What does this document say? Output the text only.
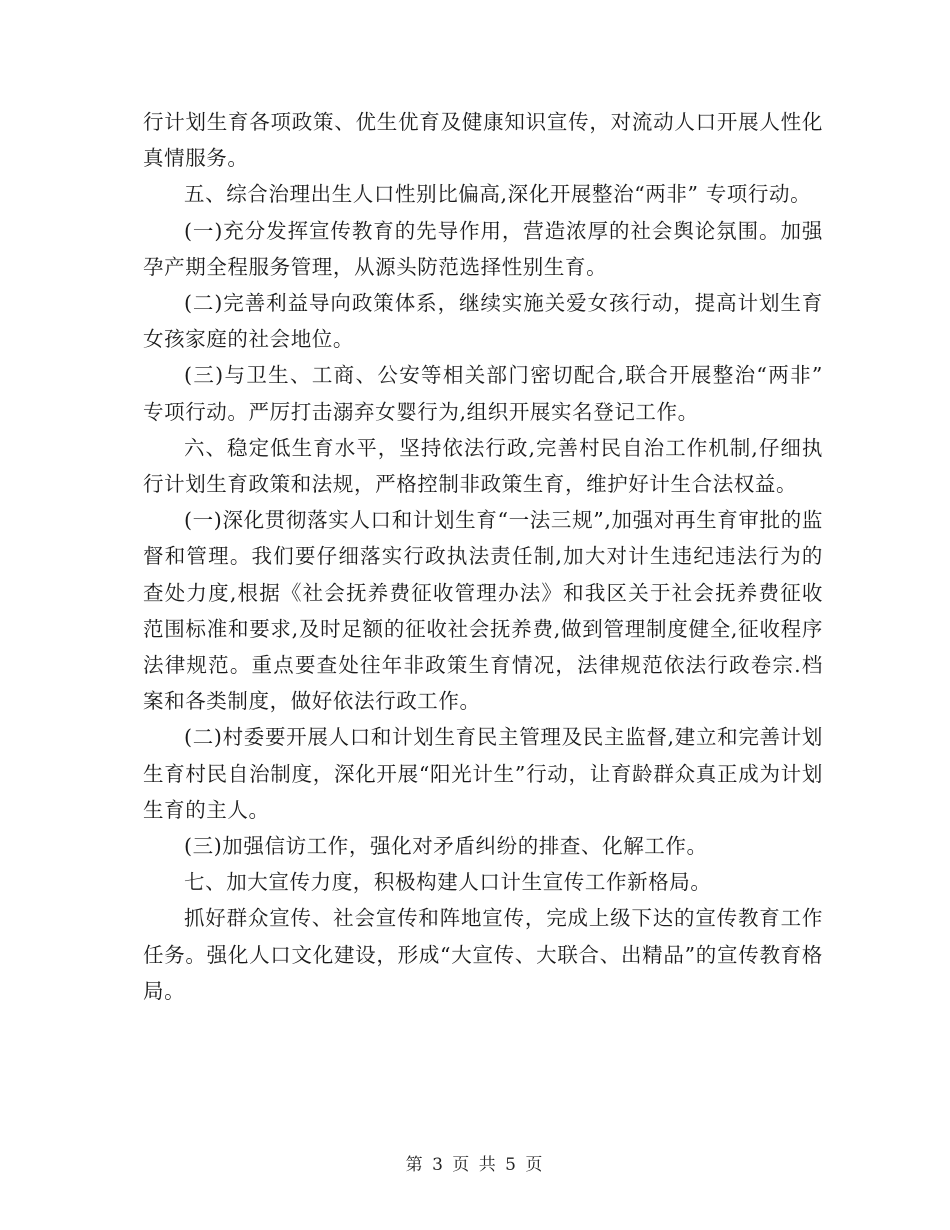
行计划生育各项政策、优生优育及健康知识宣传，对流动人口开展人性化真情服务。

五、综合治理出生人口性别比偏高,深化开展整治“两非” 专项行动。

(一)充分发挥宣传教育的先导作用，营造浓厚的社会舆论氛围。加强孕产期全程服务管理，从源头防范选择性别生育。

(二)完善利益导向政策体系，继续实施关爱女孩行动，提高计划生育女孩家庭的社会地位。

(三)与卫生、工商、公安等相关部门密切配合,联合开展整治“两非” 专项行动。严厉打击溺弃女婴行为,组织开展实名登记工作。

六、稳定低生育水平，坚持依法行政,完善村民自治工作机制,仔细执行计划生育政策和法规，严格控制非政策生育，维护好计生合法权益。

(一)深化贯彻落实人口和计划生育“一法三规”,加强对再生育审批的监督和管理。我们要仔细落实行政执法责任制,加大对计生违纪违法行为的查处力度,根据《社会抚养费征收管理办法》和我区关于社会抚养费征收范围标准和要求,及时足额的征收社会抚养费,做到管理制度健全,征收程序法律规范。重点要查处往年非政策生育情况，法律规范依法行政卷宗.档案和各类制度，做好依法行政工作。

(二)村委要开展人口和计划生育民主管理及民主监督,建立和完善计划生育村民自治制度，深化开展“阳光计生”行动，让育龄群众真正成为计划生育的主人。

(三)加强信访工作，强化对矛盾纠纷的排查、化解工作。

七、加大宣传力度，积极构建人口计生宣传工作新格局。

抓好群众宣传、社会宣传和阵地宣传，完成上级下达的宣传教育工作任务。强化人口文化建设，形成“大宣传、大联合、出精品”的宣传教育格局。

第 3 页 共 5 页
